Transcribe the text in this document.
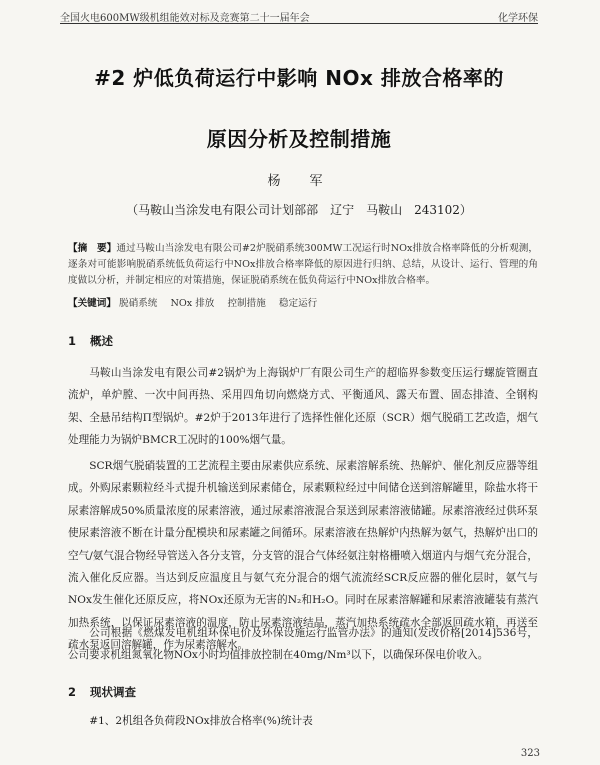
全国火电600MW级机组能效对标及竞赛第二十一届年会	化学环保
#2 炉低负荷运行中影响 NOx 排放合格率的
原因分析及控制措施
杨　军
（马鞍山当涂发电有限公司计划部部　辽宁　马鞍山　243102）
【摘　要】通过马鞍山当涂发电有限公司#2炉脱硝系统300MW工况运行时NOx排放合格率降低的分析观测，逐条对可能影响脱硝系统低负荷运行中NOx排放合格率降低的原因进行归纳、总结，从设计、运行、管理的角度做以分析，并制定相应的对策措施，保证脱硝系统在低负荷运行中NOx排放合格率。
【关键词】 脱硝系统 NOx 排放 控制措施 稳定运行
1 概述
马鞍山当涂发电有限公司#2锅炉为上海锅炉厂有限公司生产的超临界参数变压运行螺旋管圈直流炉，单炉膛、一次中间再热、采用四角切向燃烧方式、平衡通风、露天布置、固态排渣、全钢构架、全悬吊结构Π型锅炉。#2炉于2013年进行了选择性催化还原（SCR）烟气脱硝工艺改造，烟气处理能力为锅炉BMCR工况时的100%烟气量。
SCR烟气脱硝装置的工艺流程主要由尿素供应系统、尿素溶解系统、热解炉、催化剂反应器等组成。外购尿素颗粒经斗式提升机输送到尿素储仓，尿素颗粒经过中间储仓送到溶解罐里，除盐水将干尿素溶解成50%质量浓度的尿素溶液，通过尿素溶液混合泵送到尿素溶液储罐。尿素溶液经过供环泵使尿素溶液不断在计量分配模块和尿素罐之间循环。尿素溶液在热解炉内热解为氨气，热解炉出口的空气/氨气混合物经导管送入各分支管，分支管的混合气体经氨注射格栅喷入烟道内与烟气充分混合，流入催化反应器。当达到反应温度且与氨气充分混合的烟气流流经SCR反应器的催化层时，氨气与NOx发生催化还原反应，将NOx还原为无害的N₂和H₂O。同时在尿素溶解罐和尿素溶液罐装有蒸汽加热系统，以保证尿素溶液的温度，防止尿素溶液结晶，蒸汽加热系统疏水全部返回疏水箱，再送至疏水泵返回溶解罐，作为尿素溶解水。
公司根据《燃煤发电机组环保电价及环保设施运行监管办法》的通知(发改价格[2014]536号，公司要求机组氮氧化物NOx小时均值排放控制在40mg/Nm³以下，以确保环保电价收入。
2 现状调查
#1、2机组各负荷段NOx排放合格率(%)统计表
323
